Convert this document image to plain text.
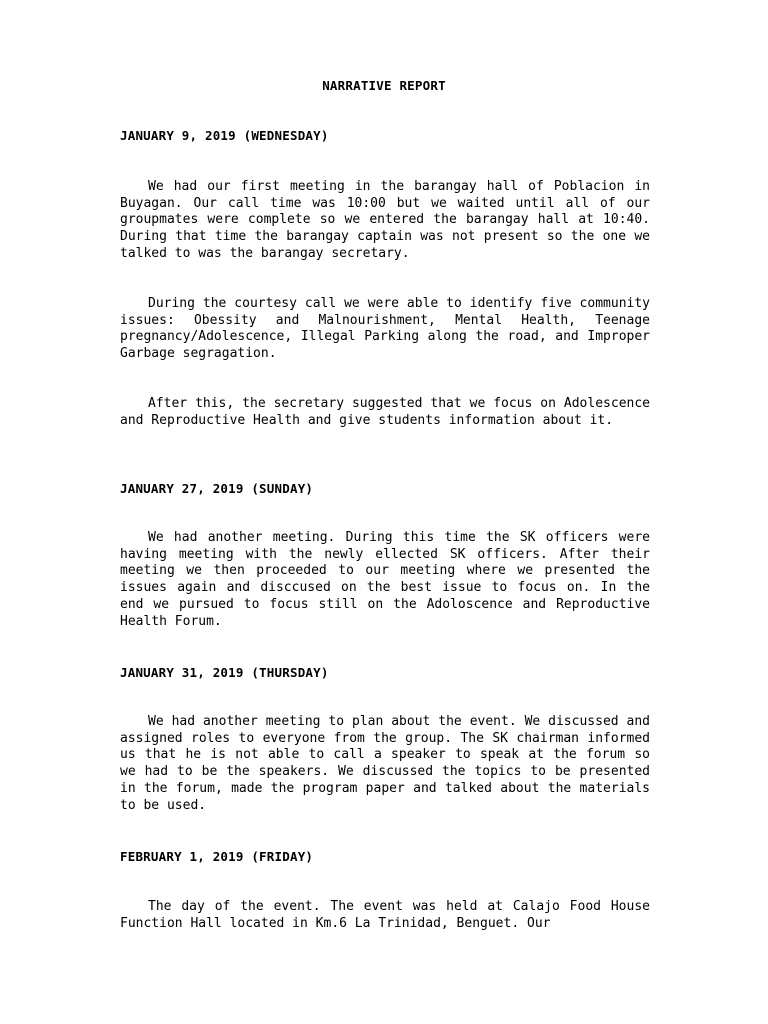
NARRATIVE REPORT
JANUARY 9, 2019 (WEDNESDAY)

We had our first meeting in the barangay hall of Poblacion in Buyagan. Our call time was 10:00 but we waited until all of our groupmates were complete so we entered the barangay hall at 10:40. During that time the barangay captain was not present so the one we talked to was the barangay secretary.

During the courtesy call we were able to identify five community issues: Obessity and Malnourishment, Mental Health, Teenage pregnancy/Adolescence, Illegal Parking along the road, and Improper Garbage segragation.

After this, the secretary suggested that we focus on Adolescence and Reproductive Health and give students information about it.

JANUARY 27, 2019 (SUNDAY)

We had another meeting. During this time the SK officers were having meeting with the newly ellected SK officers. After their meeting we then proceeded to our meeting where we presented the issues again and disccused on the best issue to focus on. In the end we pursued to focus still on the Adoloscence and Reproductive Health Forum.

JANUARY 31, 2019 (THURSDAY)

We had another meeting to plan about the event. We discussed and assigned roles to everyone from the group. The SK chairman informed us that he is not able to call a speaker to speak at the forum so we had to be the speakers. We discussed the topics to be presented in the forum, made the program paper and talked about the materials to be used.

FEBRUARY 1, 2019 (FRIDAY)

The day of the event. The event was held at Calajo Food House Function Hall located in Km.6 La Trinidad, Benguet. Our
